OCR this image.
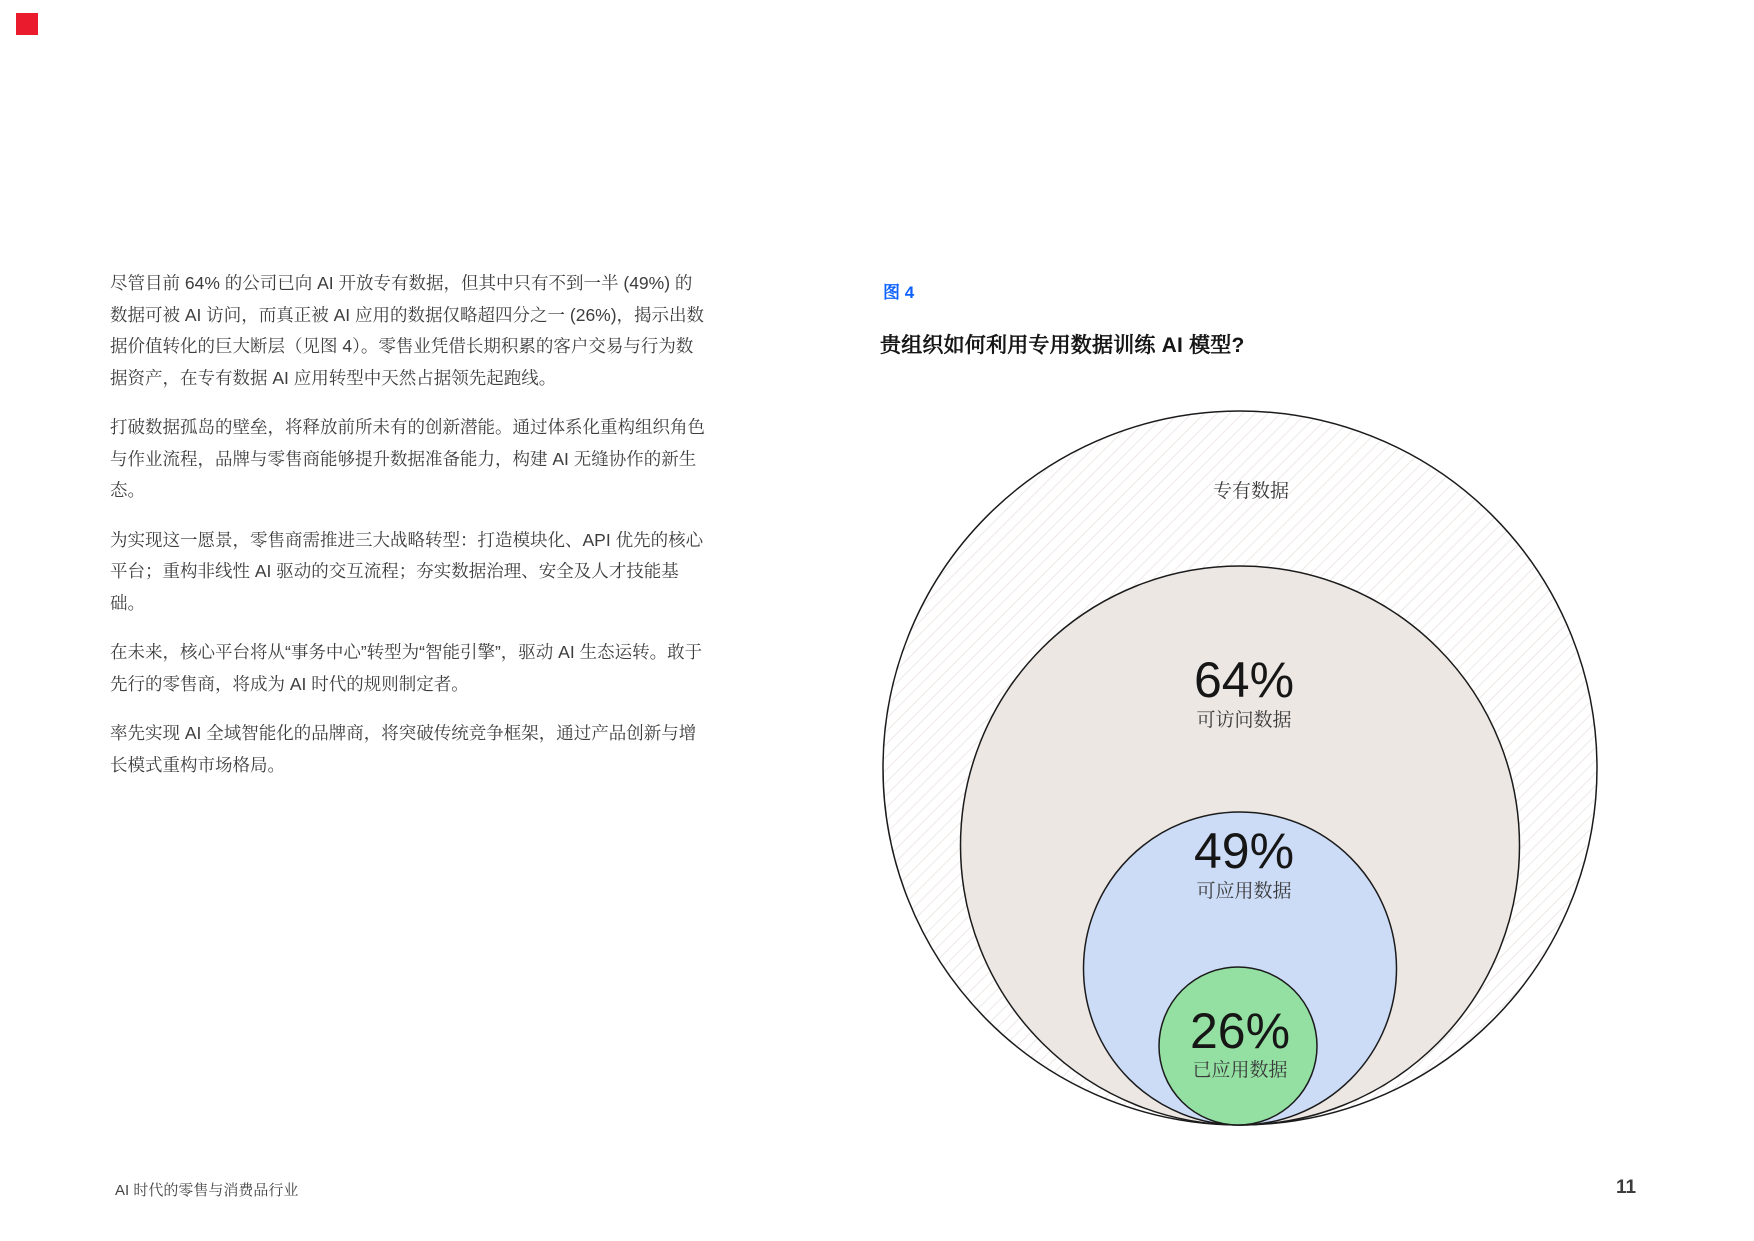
尽管目前 64% 的公司已向 AI 开放专有数据，但其中只有不到一半 (49%) 的数据可被 AI 访问，而真正被 AI 应用的数据仅略超四分之一 (26%)，揭示出数据价值转化的巨大断层（见图 4）。零售业凭借长期积累的客户交易与行为数据资产，在专有数据 AI 应用转型中天然占据领先起跑线。

打破数据孤岛的壁垒，将释放前所未有的创新潜能。通过体系化重构组织角色与作业流程，品牌与零售商能够提升数据准备能力，构建 AI 无缝协作的新生态。

为实现这一愿景，零售商需推进三大战略转型：打造模块化、API 优先的核心平台；重构非线性 AI 驱动的交互流程；夯实数据治理、安全及人才技能基础。

在未来，核心平台将从“事务中心”转型为“智能引擎”，驱动 AI 生态运转。敢于先行的零售商，将成为 AI 时代的规则制定者。

率先实现 AI 全域智能化的品牌商，将突破传统竞争框架，通过产品创新与增长模式重构市场格局。

图 4
贵组织如何利用专用数据训练 AI 模型?
专有数据
64%
可访问数据
49%
可应用数据
26%
已应用数据
AI 时代的零售与消费品行业	11
